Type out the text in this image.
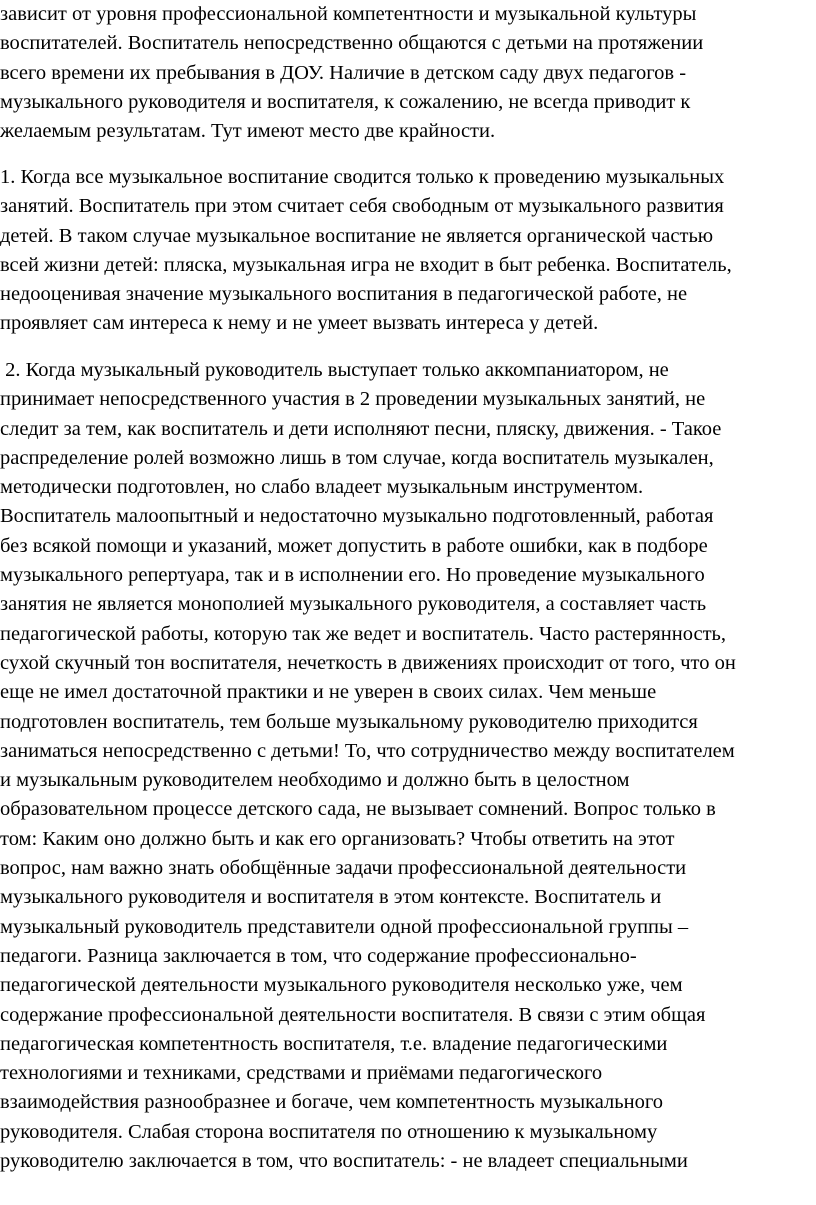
зависит от уровня профессиональной компетентности и музыкальной культуры
воспитателей. Воспитатель непосредственно общаются с детьми на протяжении
всего времени их пребывания в ДОУ. Наличие в детском саду двух педагогов -
музыкального руководителя и воспитателя, к сожалению, не всегда приводит к
желаемым результатам. Тут имеют место две крайности.
1. Когда все музыкальное воспитание сводится только к проведению музыкальных
занятий. Воспитатель при этом считает себя свободным от музыкального развития
детей. В таком случае музыкальное воспитание не является органической частью
всей жизни детей: пляска, музыкальная игра не входит в быт ребенка. Воспитатель,
недооценивая значение музыкального воспитания в педагогической работе, не
проявляет сам интереса к нему и не умеет вызвать интереса у детей.
2. Когда музыкальный руководитель выступает только аккомпаниатором, не
принимает непосредственного участия в 2 проведении музыкальных занятий, не
следит за тем, как воспитатель и дети исполняют песни, пляску, движения. - Такое
распределение ролей возможно лишь в том случае, когда воспитатель музыкален,
методически подготовлен, но слабо владеет музыкальным инструментом.
Воспитатель малоопытный и недостаточно музыкально подготовленный, работая
без всякой помощи и указаний, может допустить в работе ошибки, как в подборе
музыкального репертуара, так и в исполнении его. Но проведение музыкального
занятия не является монополией музыкального руководителя, а составляет часть
педагогической работы, которую так же ведет и воспитатель. Часто растерянность,
сухой скучный тон воспитателя, нечеткость в движениях происходит от того, что он
еще не имел достаточной практики и не уверен в своих силах. Чем меньше
подготовлен воспитатель, тем больше музыкальному руководителю приходится
заниматься непосредственно с детьми! То, что сотрудничество между воспитателем
и музыкальным руководителем необходимо и должно быть в целостном
образовательном процессе детского сада, не вызывает сомнений. Вопрос только в
том: Каким оно должно быть и как его организовать? Чтобы ответить на этот
вопрос, нам важно знать обобщённые задачи профессиональной деятельности
музыкального руководителя и воспитателя в этом контексте. Воспитатель и
музыкальный руководитель представители одной профессиональной группы –
педагоги. Разница заключается в том, что содержание профессионально-
педагогической деятельности музыкального руководителя несколько уже, чем
содержание профессиональной деятельности воспитателя. В связи с этим общая
педагогическая компетентность воспитателя, т.е. владение педагогическими
технологиями и техниками, средствами и приёмами педагогического
взаимодействия разнообразнее и богаче, чем компетентность музыкального
руководителя. Слабая сторона воспитателя по отношению к музыкальному
руководителю заключается в том, что воспитатель: - не владеет специальными
